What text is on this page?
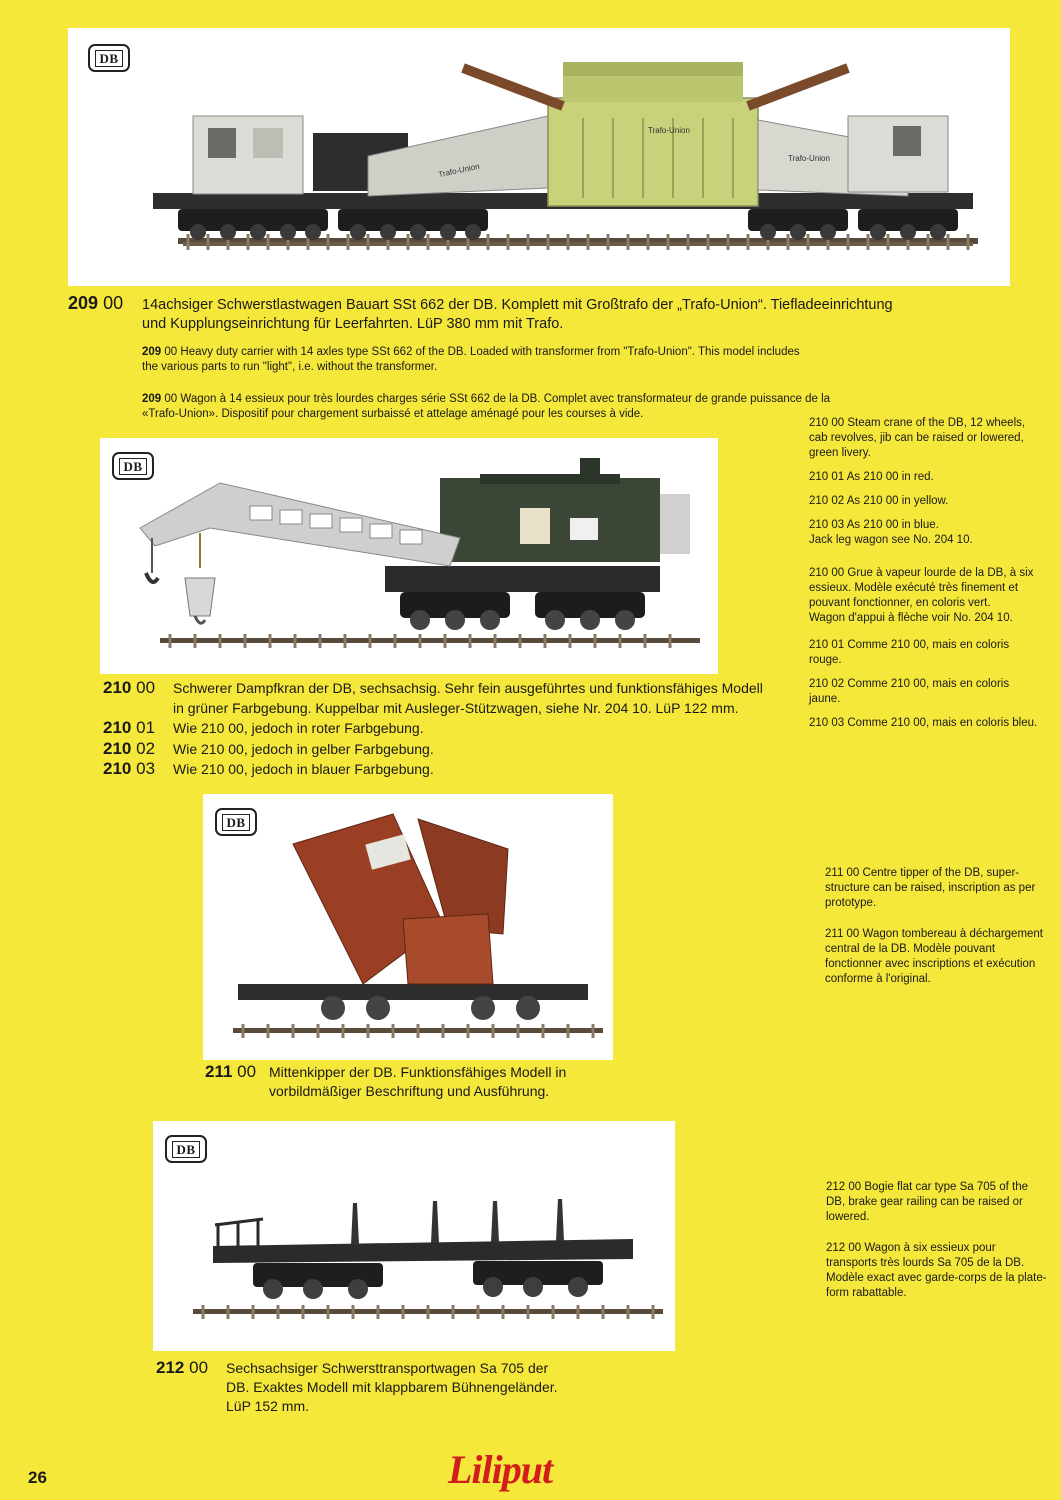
DB
Trafo-Union
Trafo-Union
Trafo-Union
209 00 14achsiger Schwerstlastwagen Bauart SSt 662 der DB. Komplett mit Großtrafo der „Trafo-Union“. Tiefladeeinrichtung
und Kupplungseinrichtung für Leerfahrten. LüP 380 mm mit Trafo.
209 00 Heavy duty carrier with 14 axles type SSt 662 of the DB. Loaded with transformer from "Trafo-Union". This model includes
the various parts to run "light", i.e. without the transformer.
209 00 Wagon à 14 essieux pour très lourdes charges série SSt 662 de la DB. Complet avec transformateur de grande puissance de la
«Trafo-Union». Dispositif pour chargement surbaissé et attelage aménagé pour les courses à vide.
DB
210 00 Schwerer Dampfkran der DB, sechsachsig. Sehr fein ausgeführtes und funktionsfähiges Modell
in grüner Farbgebung. Kuppelbar mit Ausleger-Stützwagen, siehe Nr. 204 10. LüP 122 mm.
210 01 Wie 210 00, jedoch in roter Farbgebung.
210 02 Wie 210 00, jedoch in gelber Farbgebung.
210 03 Wie 210 00, jedoch in blauer Farbgebung.

210 00 Steam crane of the DB, 12 wheels, cab revolves, jib can be raised or lowered, green livery.

210 01 As 210 00 in red.

210 02 As 210 00 in yellow.

210 03 As 210 00 in blue.

Jack leg wagon see No. 204 10.

210 00 Grue à vapeur lourde de la DB, à six essieux. Modèle exécuté très finement et pouvant fonctionner, en coloris vert.

Wagon d'appui à flèche voir No. 204 10.

210 01 Comme 210 00, mais en coloris rouge.

210 02 Comme 210 00, mais en coloris jaune.

210 03 Comme 210 00, mais en coloris bleu.

DB
211 00 Mittenkipper der DB. Funktionsfähiges Modell in
vorbildmäßiger Beschriftung und Ausführung.

211 00 Centre tipper of the DB, super-structure can be raised, inscription as per prototype.

211 00 Wagon tombereau à déchargement central de la DB. Modèle pouvant fonctionner avec inscriptions et exécution conforme à l'original.

DB
212 00 Sechsachsiger Schwersttransportwagen Sa 705 der
DB. Exaktes Modell mit klappbarem Bühnengeländer.
LüP 152 mm.

212 00 Bogie flat car type Sa 705 of the DB, brake gear railing can be raised or lowered.

212 00 Wagon à six essieux pour transports très lourds Sa 705 de la DB. Modèle exact avec garde-corps de la plate-form rabattable.

26	Liliput
